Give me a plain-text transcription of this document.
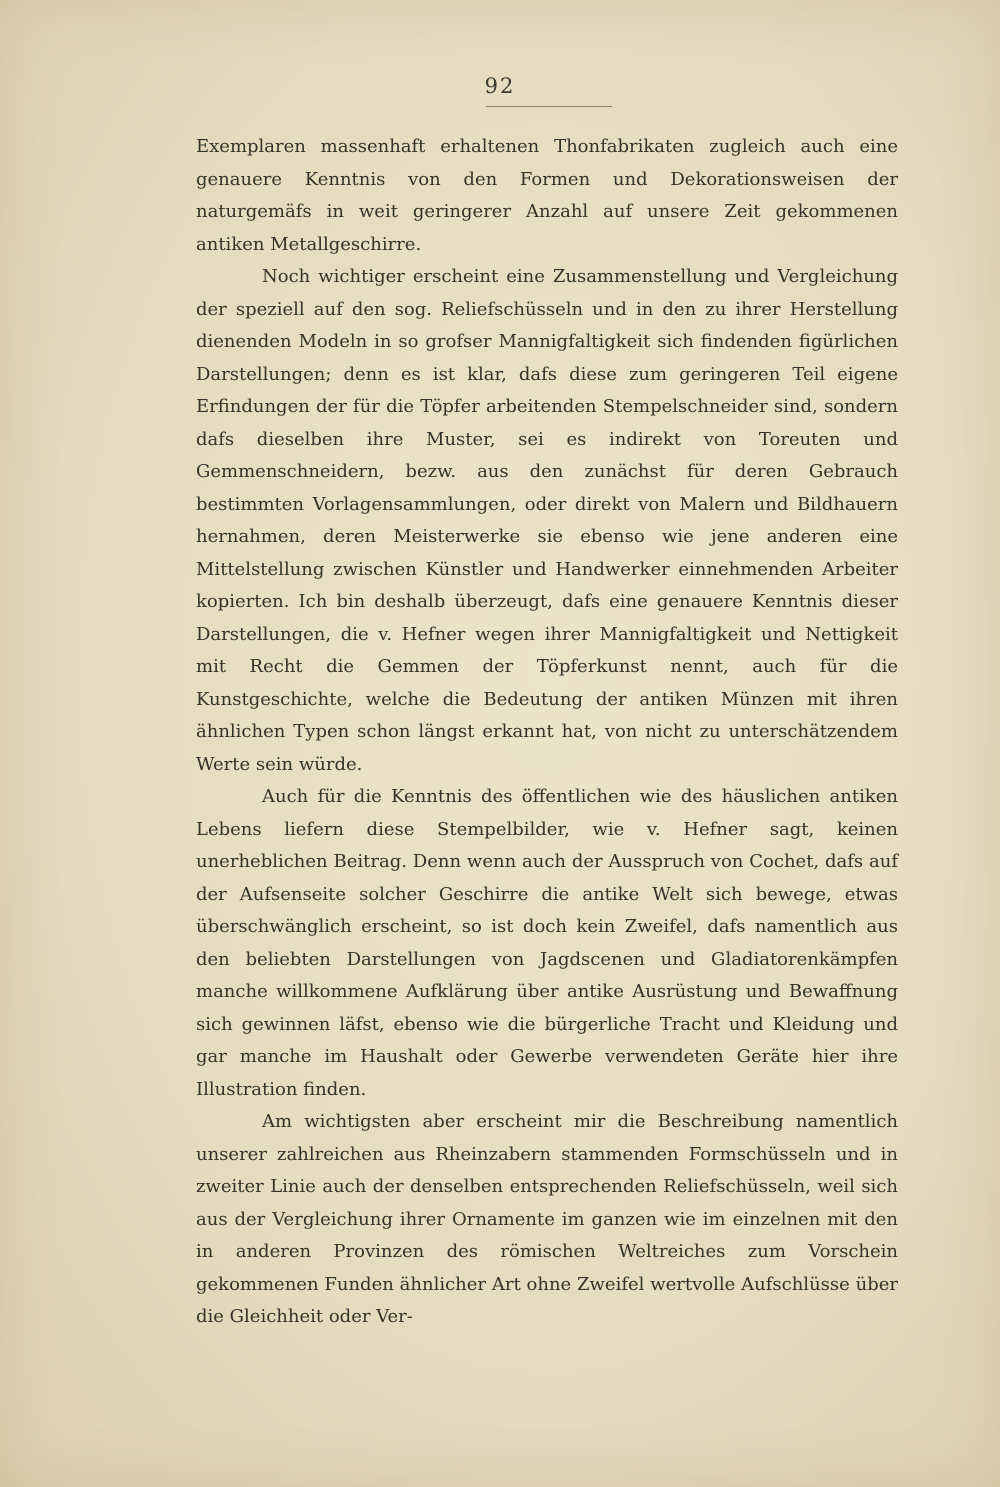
92

Exemplaren massenhaft erhaltenen Thonfabrikaten zugleich auch eine genauere Kenntnis von den Formen und Dekorationsweisen der naturgemäfs in weit geringerer Anzahl auf unsere Zeit gekommenen antiken Metallgeschirre.

Noch wichtiger erscheint eine Zusammenstellung und Vergleichung der speziell auf den sog. Reliefschüsseln und in den zu ihrer Herstellung dienenden Modeln in so grofser Mannigfaltigkeit sich findenden figürlichen Darstellungen; denn es ist klar, dafs diese zum geringeren Teil eigene Erfindungen der für die Töpfer arbeitenden Stempelschneider sind, sondern dafs dieselben ihre Muster, sei es indirekt von Toreuten und Gemmenschneidern, bezw. aus den zunächst für deren Gebrauch bestimmten Vorlagensammlungen, oder direkt von Malern und Bildhauern hernahmen, deren Meisterwerke sie ebenso wie jene anderen eine Mittelstellung zwischen Künstler und Handwerker einnehmenden Arbeiter kopierten. Ich bin deshalb überzeugt, dafs eine genauere Kenntnis dieser Darstellungen, die v. Hefner wegen ihrer Mannigfaltigkeit und Nettigkeit mit Recht die Gemmen der Töpferkunst nennt, auch für die Kunstgeschichte, welche die Bedeutung der antiken Münzen mit ihren ähnlichen Typen schon längst erkannt hat, von nicht zu unterschätzendem Werte sein würde.

Auch für die Kenntnis des öffentlichen wie des häuslichen antiken Lebens liefern diese Stempelbilder, wie v. Hefner sagt, keinen unerheblichen Beitrag. Denn wenn auch der Ausspruch von Cochet, dafs auf der Aufsenseite solcher Geschirre die antike Welt sich bewege, etwas überschwänglich erscheint, so ist doch kein Zweifel, dafs namentlich aus den beliebten Darstellungen von Jagdscenen und Gladiatorenkämpfen manche willkommene Aufklärung über antike Ausrüstung und Bewaffnung sich gewinnen läfst, ebenso wie die bürgerliche Tracht und Kleidung und gar manche im Haushalt oder Gewerbe verwendeten Geräte hier ihre Illustration finden.

Am wichtigsten aber erscheint mir die Beschreibung namentlich unserer zahlreichen aus Rheinzabern stammenden Formschüsseln und in zweiter Linie auch der denselben entsprechenden Reliefschüsseln, weil sich aus der Vergleichung ihrer Ornamente im ganzen wie im einzelnen mit den in anderen Provinzen des römischen Weltreiches zum Vorschein gekommenen Funden ähnlicher Art ohne Zweifel wertvolle Aufschlüsse über die Gleichheit oder Ver-
